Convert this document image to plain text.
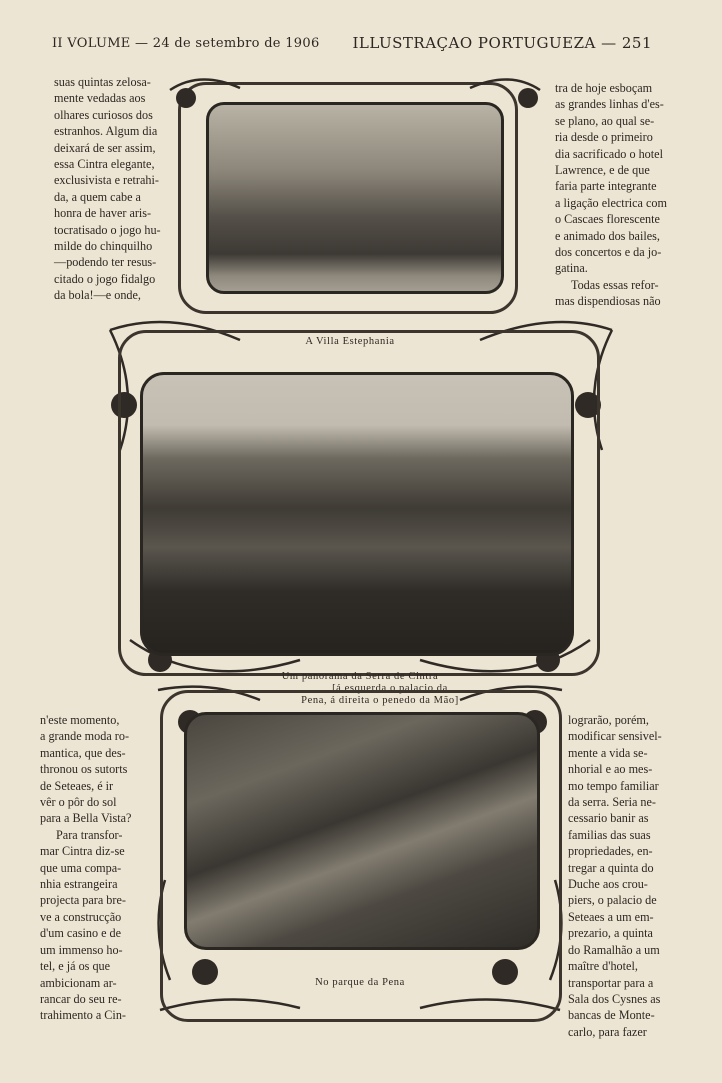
II VOLUME — 24 de setembro de 1906 ILLUSTRAÇAO PORTUGUEZA — 251
suas quintas zelosa-
mente vedadas aos
olhares curiosos dos
estranhos. Algum dia
deixará de ser assim,
essa Cintra elegante,
exclusivista e retrahi-
da, a quem cabe a
honra de haver aris-
tocratisado o jogo hu-
milde do chinquilho
—podendo ter resus-
citado o jogo fidalgo
da bola!—e onde,
tra de hoje esboçam
as grandes linhas d'es-
se plano, ao qual se-
ria desde o primeiro
dia sacrificado o hotel
Lawrence, e de que
faria parte integrante
a ligação electrica com
o Cascaes florescente
e animado dos bailes,
dos concertos e da jo-
gatina.
Todas essas refor-
mas dispendiosas não
A Villa Estephania
Um panorama da Serra de Cintra
[á esquerda o palacio da
Pena, á direita o penedo da Mão]
No parque da Pena
n'este momento,
a grande moda ro-
mantica, que des-
thronou os sutorts
de Seteaes, é ir
vêr o pôr do sol
para a Bella Vista?
Para transfor-
mar Cintra diz-se
que uma compa-
nhia estrangeira
projecta para bre-
ve a construcção
d'um casino e de
um immenso ho-
tel, e já os que
ambicionam ar-
rancar do seu re-
trahimento a Cin-
lograrão, porém,
modificar sensivel-
mente a vida se-
nhorial e ao mes-
mo tempo familiar
da serra. Seria ne-
cessario banir as
familias das suas
propriedades, en-
tregar a quinta do
Duche aos crou-
piers, o palacio de
Seteaes a um em-
prezario, a quinta
do Ramalhão a um
maître d'hotel,
transportar para a
Sala dos Cysnes as
bancas de Monte-
carlo, para fazer
